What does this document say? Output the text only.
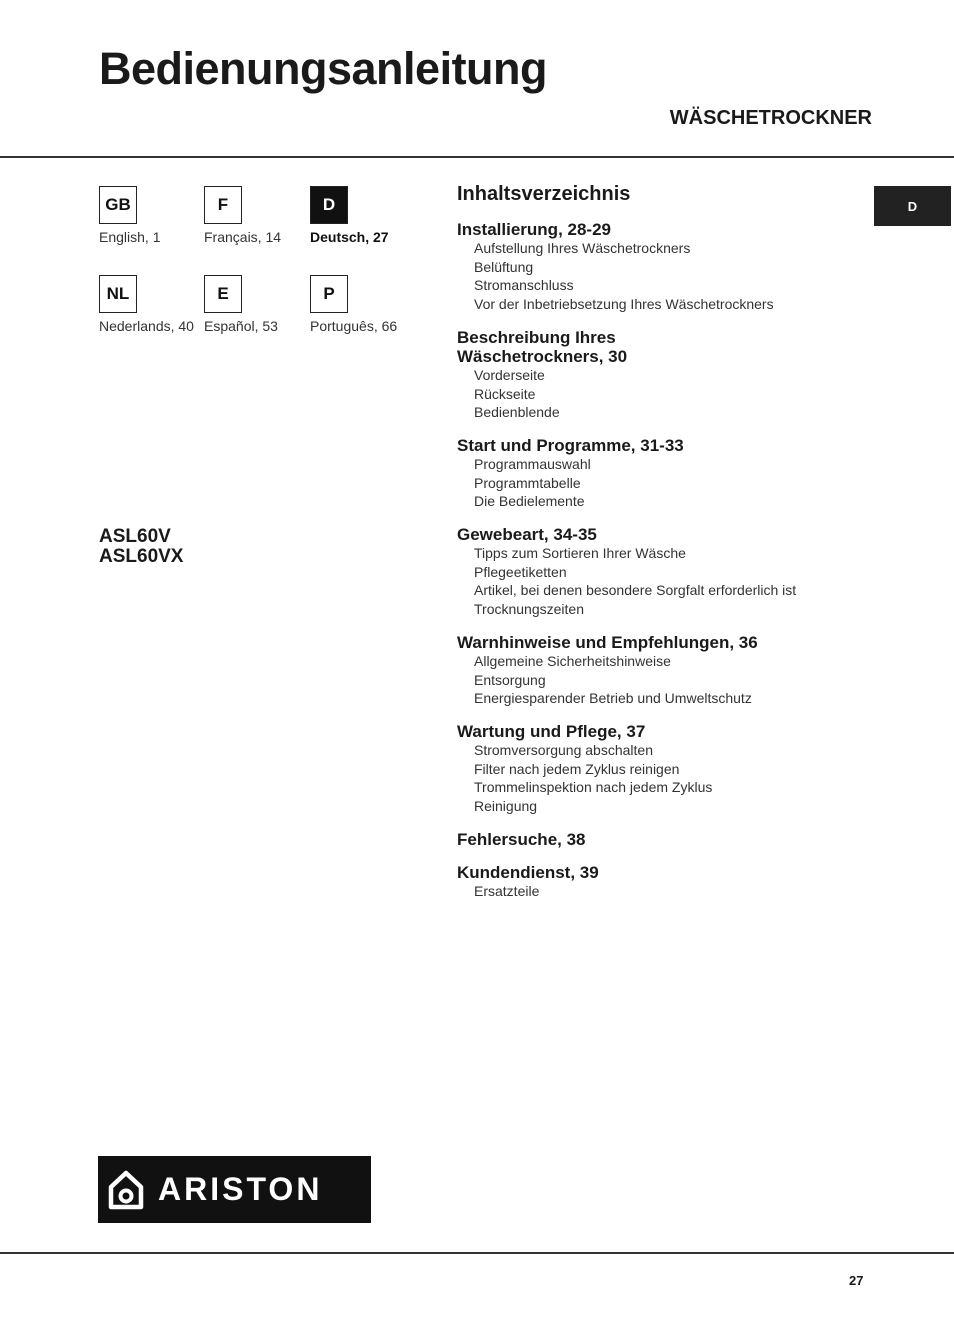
Bedienungsanleitung
WÄSCHETROCKNER
GB
English, 1
F
Français, 14
D
Deutsch, 27
NL
Nederlands, 40
E
Español, 53
P
Português, 66
ASL60V
ASL60VX
D
Inhaltsverzeichnis
Installierung, 28-29
Aufstellung Ihres Wäschetrockners
Belüftung
Stromanschluss
Vor der Inbetriebsetzung Ihres Wäschetrockners
Beschreibung Ihres
Wäschetrockners, 30
Vorderseite
Rückseite
Bedienblende
Start und Programme, 31-33
Programmauswahl
Programmtabelle
Die Bedielemente
Gewebeart, 34-35
Tipps zum Sortieren Ihrer Wäsche
Pflegeetiketten
Artikel, bei denen besondere Sorgfalt erforderlich ist
Trocknungszeiten
Warnhinweise und Empfehlungen, 36
Allgemeine Sicherheitshinweise
Entsorgung
Energiesparender Betrieb und Umweltschutz
Wartung und Pflege, 37
Stromversorgung abschalten
Filter nach jedem Zyklus reinigen
Trommelinspektion nach jedem Zyklus
Reinigung
Fehlersuche, 38
Kundendienst, 39
Ersatzteile
ARISTON
27
